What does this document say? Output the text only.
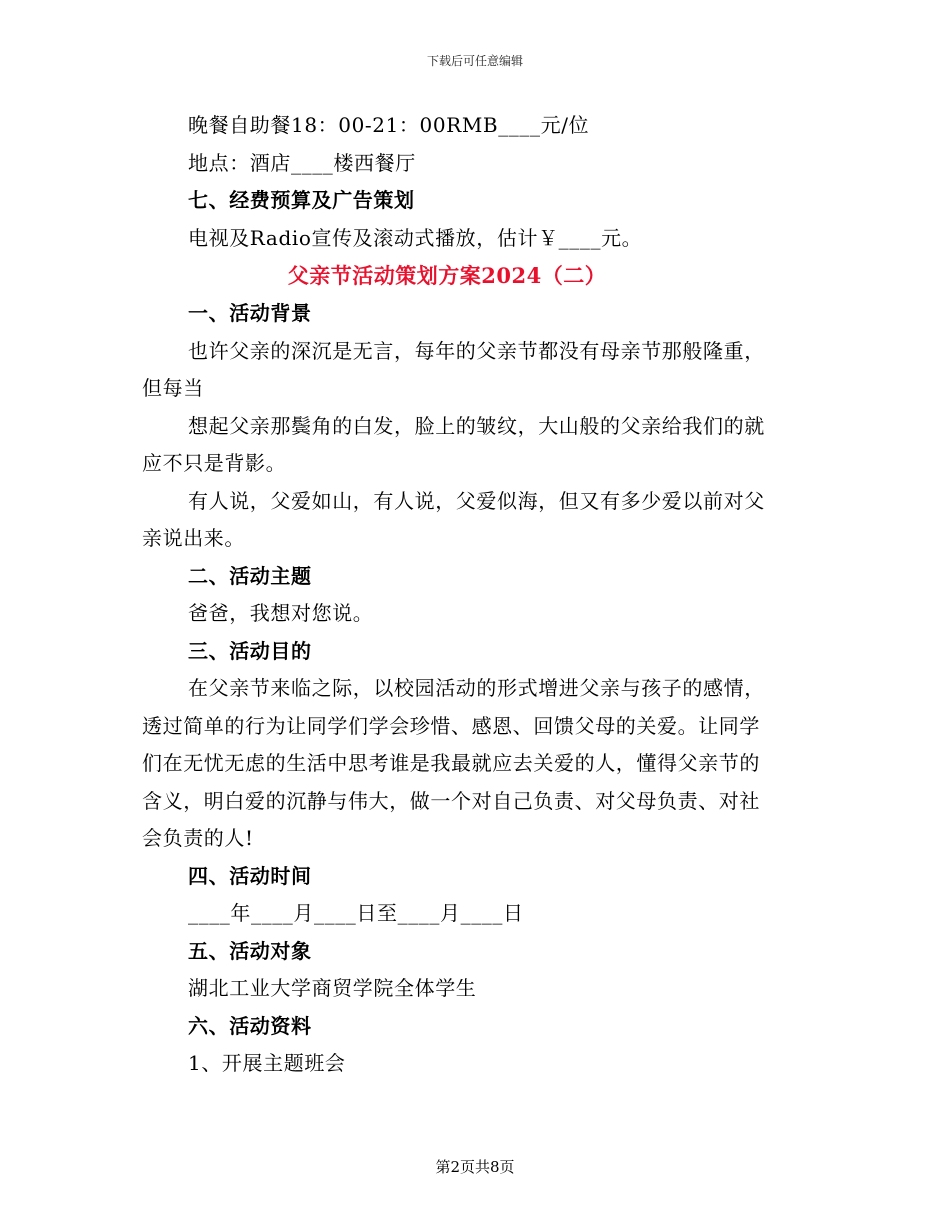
下载后可任意编辑
晚餐自助餐18：00-21：00RMB____元/位
地点：酒店____楼西餐厅
七、经费预算及广告策划
电视及Radio宣传及滚动式播放，估计￥____元。
父亲节活动策划方案2024（二）
一、活动背景
也许父亲的深沉是无言，每年的父亲节都没有母亲节那般隆重，
但每当
想起父亲那鬓角的白发，脸上的皱纹，大山般的父亲给我们的就
应不只是背影。
有人说，父爱如山，有人说，父爱似海，但又有多少爱以前对父
亲说出来。
二、活动主题
爸爸，我想对您说。
三、活动目的
在父亲节来临之际，以校园活动的形式增进父亲与孩子的感情，
透过简单的行为让同学们学会珍惜、感恩、回馈父母的关爱。让同学
们在无忧无虑的生活中思考谁是我最就应去关爱的人，懂得父亲节的
含义，明白爱的沉静与伟大，做一个对自己负责、对父母负责、对社
会负责的人!
四、活动时间
____年____月____日至____月____日
五、活动对象
湖北工业大学商贸学院全体学生
六、活动资料
1、开展主题班会
第2页共8页
